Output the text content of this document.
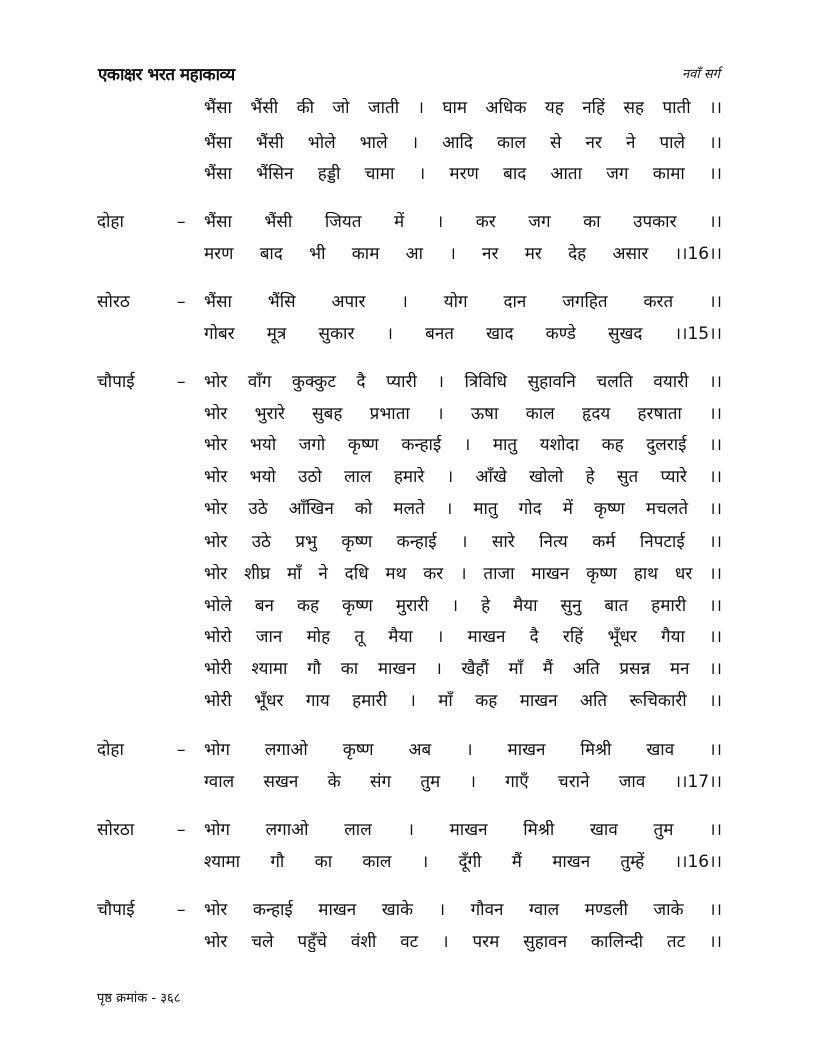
एकाक्षर भरत महाकाव्य	नवाँ सर्ग
भैंसा भैंसी की जो जाती । घाम अधिक यह नहिं सह पाती ।।
भैंसा भैंसी भोले भाले । आदि काल से नर ने पाले ।।
भैंसा भैंसिन हड्डी चामा । मरण बाद आता जग कामा ।।
दोहा	– भैंसा भैंसी जियत में । कर जग का उपकार ।।
मरण बाद भी काम आ । नर मर देह असार ।।16।।
सोरठ	– भैंसा भैंसि अपार । योग दान जगहित करत ।।
गोबर मूत्र सुकार । बनत खाद कण्डे सुखद ।।15।।
चौपाई – भोर वाँग कुक्कुट दै प्यारी । त्रिविधि सुहावनि चलति वयारी ।।
भोर भुरारे सुबह प्रभाता । ऊषा काल हृदय हरषाता ।।
भोर भयो जगो कृष्ण कन्हाई । मातु यशोदा कह दुलराई ।।
भोर भयो उठो लाल हमारे । आँखे खोलो हे सुत प्यारे ।।
भोर उठे आँखिन को मलते । मातु गोद में कृष्ण मचलते ।।
भोर उठे प्रभु कृष्ण कन्हाई । सारे नित्य कर्म निपटाई ।।
भोर शीघ्र माँ ने दधि मथ कर । ताजा माखन कृष्ण हाथ धर ।।
भोले बन कह कृष्ण मुरारी । हे मैया सुनु बात हमारी ।।
भोरो जान मोह तू मैया । माखन दै रहिं भूँधर गैया ।।
भोरी श्यामा गौ का माखन । खैहौं माँ मैं अति प्रसन्न मन ।।
भोरी भूँधर गाय हमारी । माँ कह माखन अति रूचिकारी ।।
दोहा	– भोग लगाओ कृष्ण अब । माखन मिश्री खाव ।।
ग्वाल सखन के संग तुम । गाएँ चराने जाव ।।17।।
सोरठा	– भोग लगाओ लाल । माखन मिश्री खाव तुम ।।
श्यामा गौ का काल । दूँगी मैं माखन तुम्हें ।।16।।
चौपाई – भोर कन्हाई माखन खाके । गौवन ग्वाल मण्डली जाके ।।
भोर चले पहुँचे वंशी वट । परम सुहावन कालिन्दी तट ।।
पृष्ठ क्रमांक - ३६८
